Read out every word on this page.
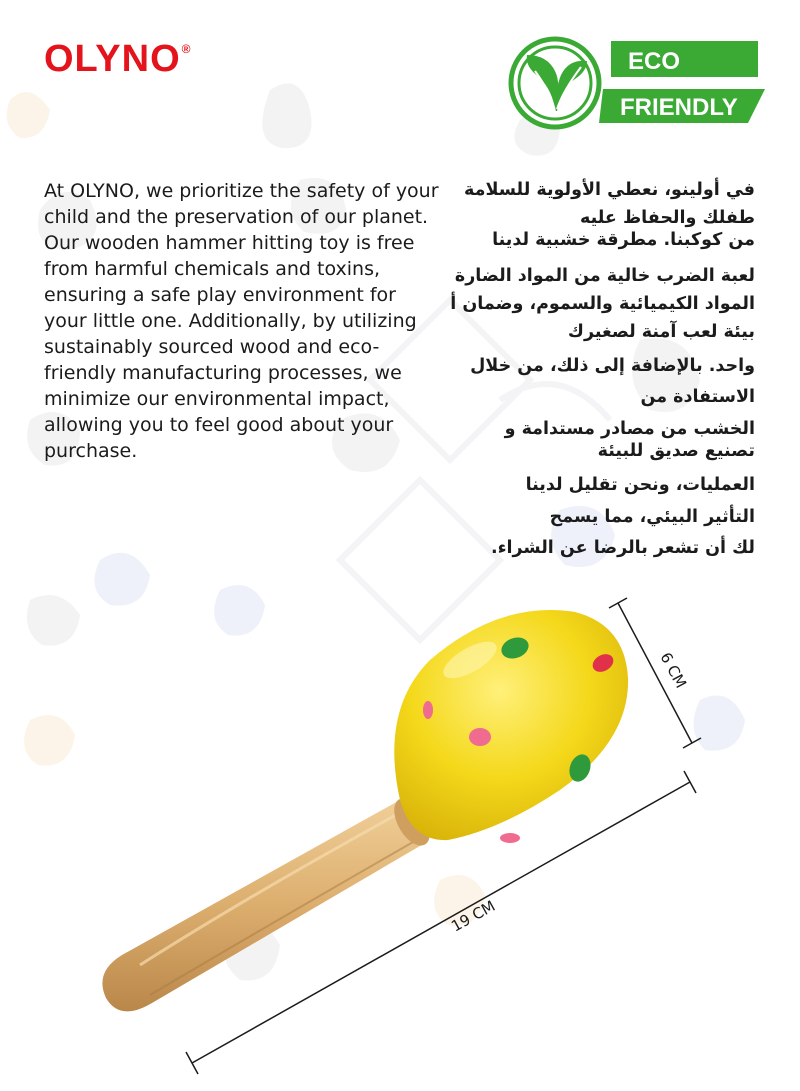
OLYNO®	ECO
FRIENDLY

At OLYNO, we prioritize the safety of your child and the preservation of our planet. Our wooden hammer hitting toy is free from harmful chemicals and toxins, ensuring a safe play environment for your little one. Additionally, by utilizing sustainably sourced wood and eco-friendly manufacturing processes, we minimize our environmental impact, allowing you to feel good about your purchase.

في أولينو، نعطي الأولوية للسلامة
طفلك والحفاظ عليه
من كوكبنا. مطرقة خشبية لدينا
لعبة الضرب خالية من المواد الضارة
المواد الكيميائية والسموم، وضمان أ
بيئة لعب آمنة لصغيرك
واحد. بالإضافة إلى ذلك، من خلال
الاستفادة من
الخشب من مصادر مستدامة و
تصنيع صديق للبيئة
العمليات، ونحن تقليل لدينا
التأثير البيئي، مما يسمح
لك أن تشعر بالرضا عن الشراء.
6 CM
19 CM
